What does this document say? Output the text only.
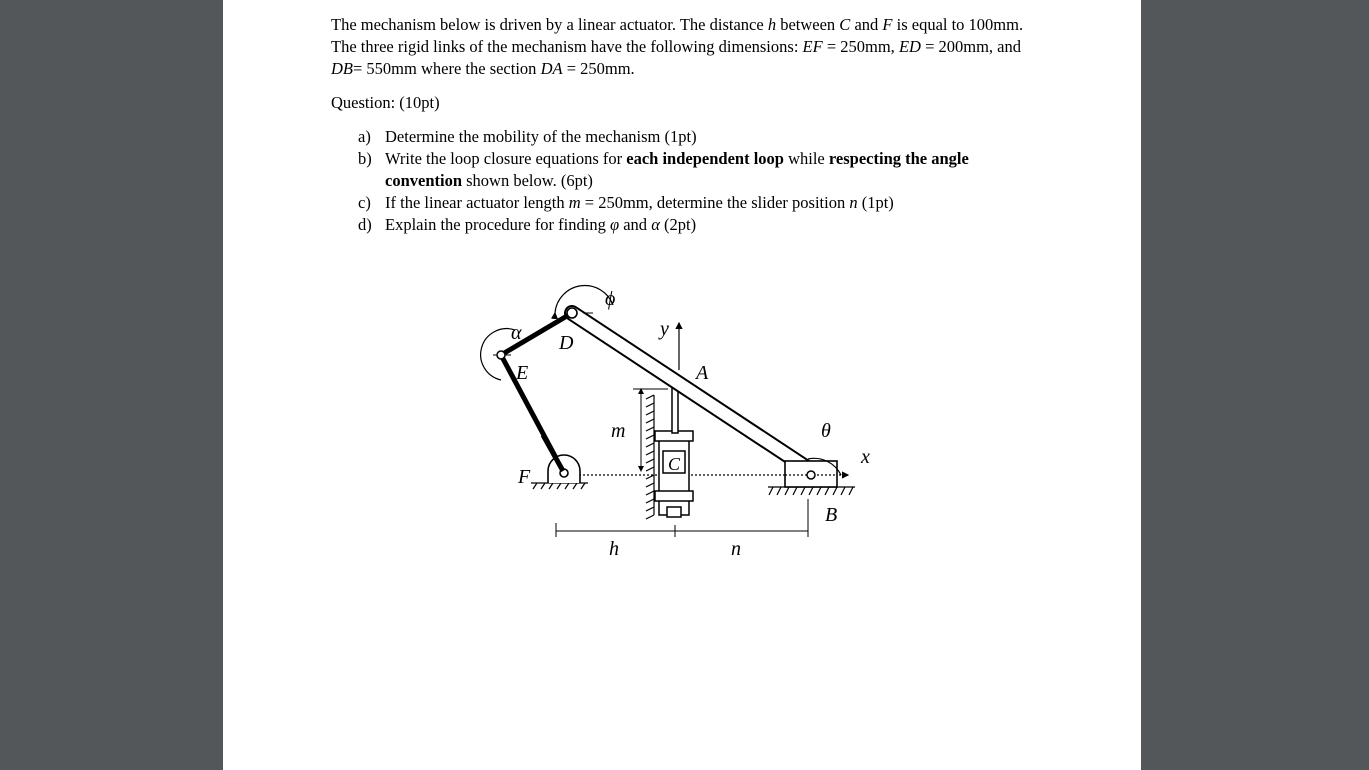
The mechanism below is driven by a linear actuator. The distance h between C and F is equal to 100mm. The three rigid links of the mechanism have the following dimensions: EF = 250mm, ED = 200mm, and DB= 550mm where the section DA = 250mm.

Question: (10pt)

a) Determine the mobility of the mechanism (1pt)
b) Write the loop closure equations for each independent loop while respecting the angle convention shown below. (6pt)
c) If the linear actuator length m = 250mm, determine the slider position n (1pt)
d) Explain the procedure for finding φ and α (2pt)
C
m
y
A
θ
x
B
F
α
E
ϕ
D
h	n
